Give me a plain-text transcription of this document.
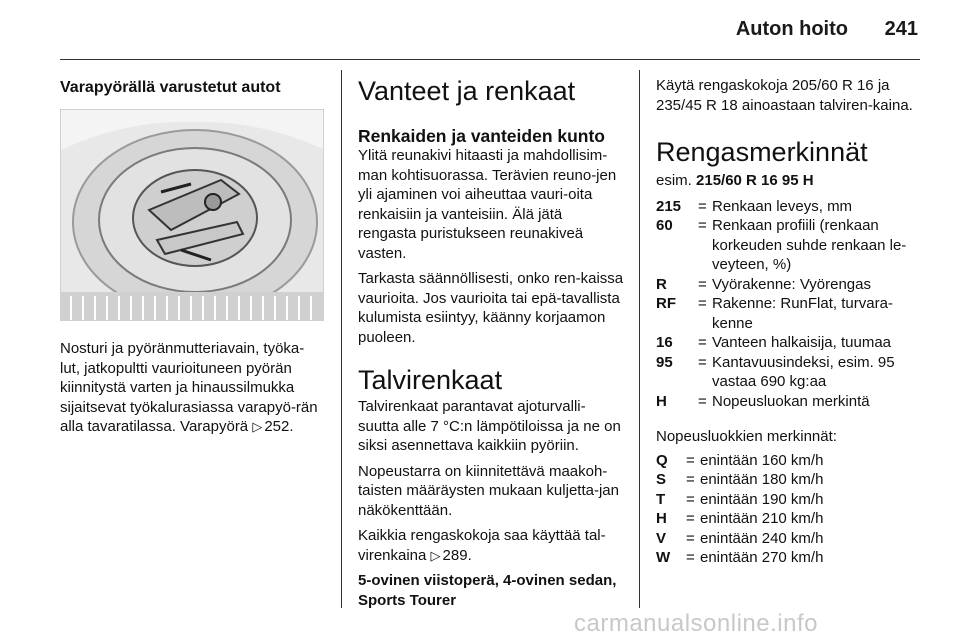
Auton hoito 241

Varapyörällä varustetut autot

Nosturi ja pyöränmutteriavain, työka-lut, jatkopultti vaurioituneen pyörän kiinnitystä varten ja hinaussilmukka sijaitsevat työkalurasiassa varapyö-rän alla tavaratilassa. Varapyörä ▷ 252.

Vanteet ja renkaat

Renkaiden ja vanteiden kunto

Ylitä reunakivi hitaasti ja mahdollisim-man kohtisuorassa. Terävien reuno-jen yli ajaminen voi aiheuttaa vauri-oita renkaisiin ja vanteisiin. Älä jätä rengasta puristukseen reunakiveä vasten.

Tarkasta säännöllisesti, onko ren-kaissa vaurioita. Jos vaurioita tai epä-tavallista kulumista esiintyy, käänny korjaamon puoleen.

Talvirenkaat

Talvirenkaat parantavat ajoturvalli-suutta alle 7 °C:n lämpötiloissa ja ne on siksi asennettava kaikkiin pyöriin.

Nopeustarra on kiinnitettävä maakoh-taisten määräysten mukaan kuljetta-jan näkökenttään.

Kaikkia rengaskokoja saa käyttää tal-virenkaina ▷ 289.

5-ovinen viistoperä, 4-ovinen sedan, Sports Tourer

Käytä rengaskokoja 205/60 R 16 ja 235/45 R 18 ainoastaan talviren-kaina.

Rengasmerkinnät

esim. 215/60 R 16 95 H

215	= Renkaan leveys, mm
60	= Renkaan profiili (renkaan korkeuden suhde renkaan le-veyteen, %)
R	= Vyörakenne: Vyörengas
RF	= Rakenne: RunFlat, turvara-kenne
16	= Vanteen halkaisija, tuumaa
95	= Kantavuusindeksi, esim. 95 vastaa 690 kg:aa
H	= Nopeusluokan merkintä

Nopeusluokkien merkinnät:

Q	= enintään 160 km/h
S	= enintään 180 km/h
T	= enintään 190 km/h
H	= enintään 210 km/h
V	= enintään 240 km/h
W	= enintään 270 km/h
carmanualsonline.info
